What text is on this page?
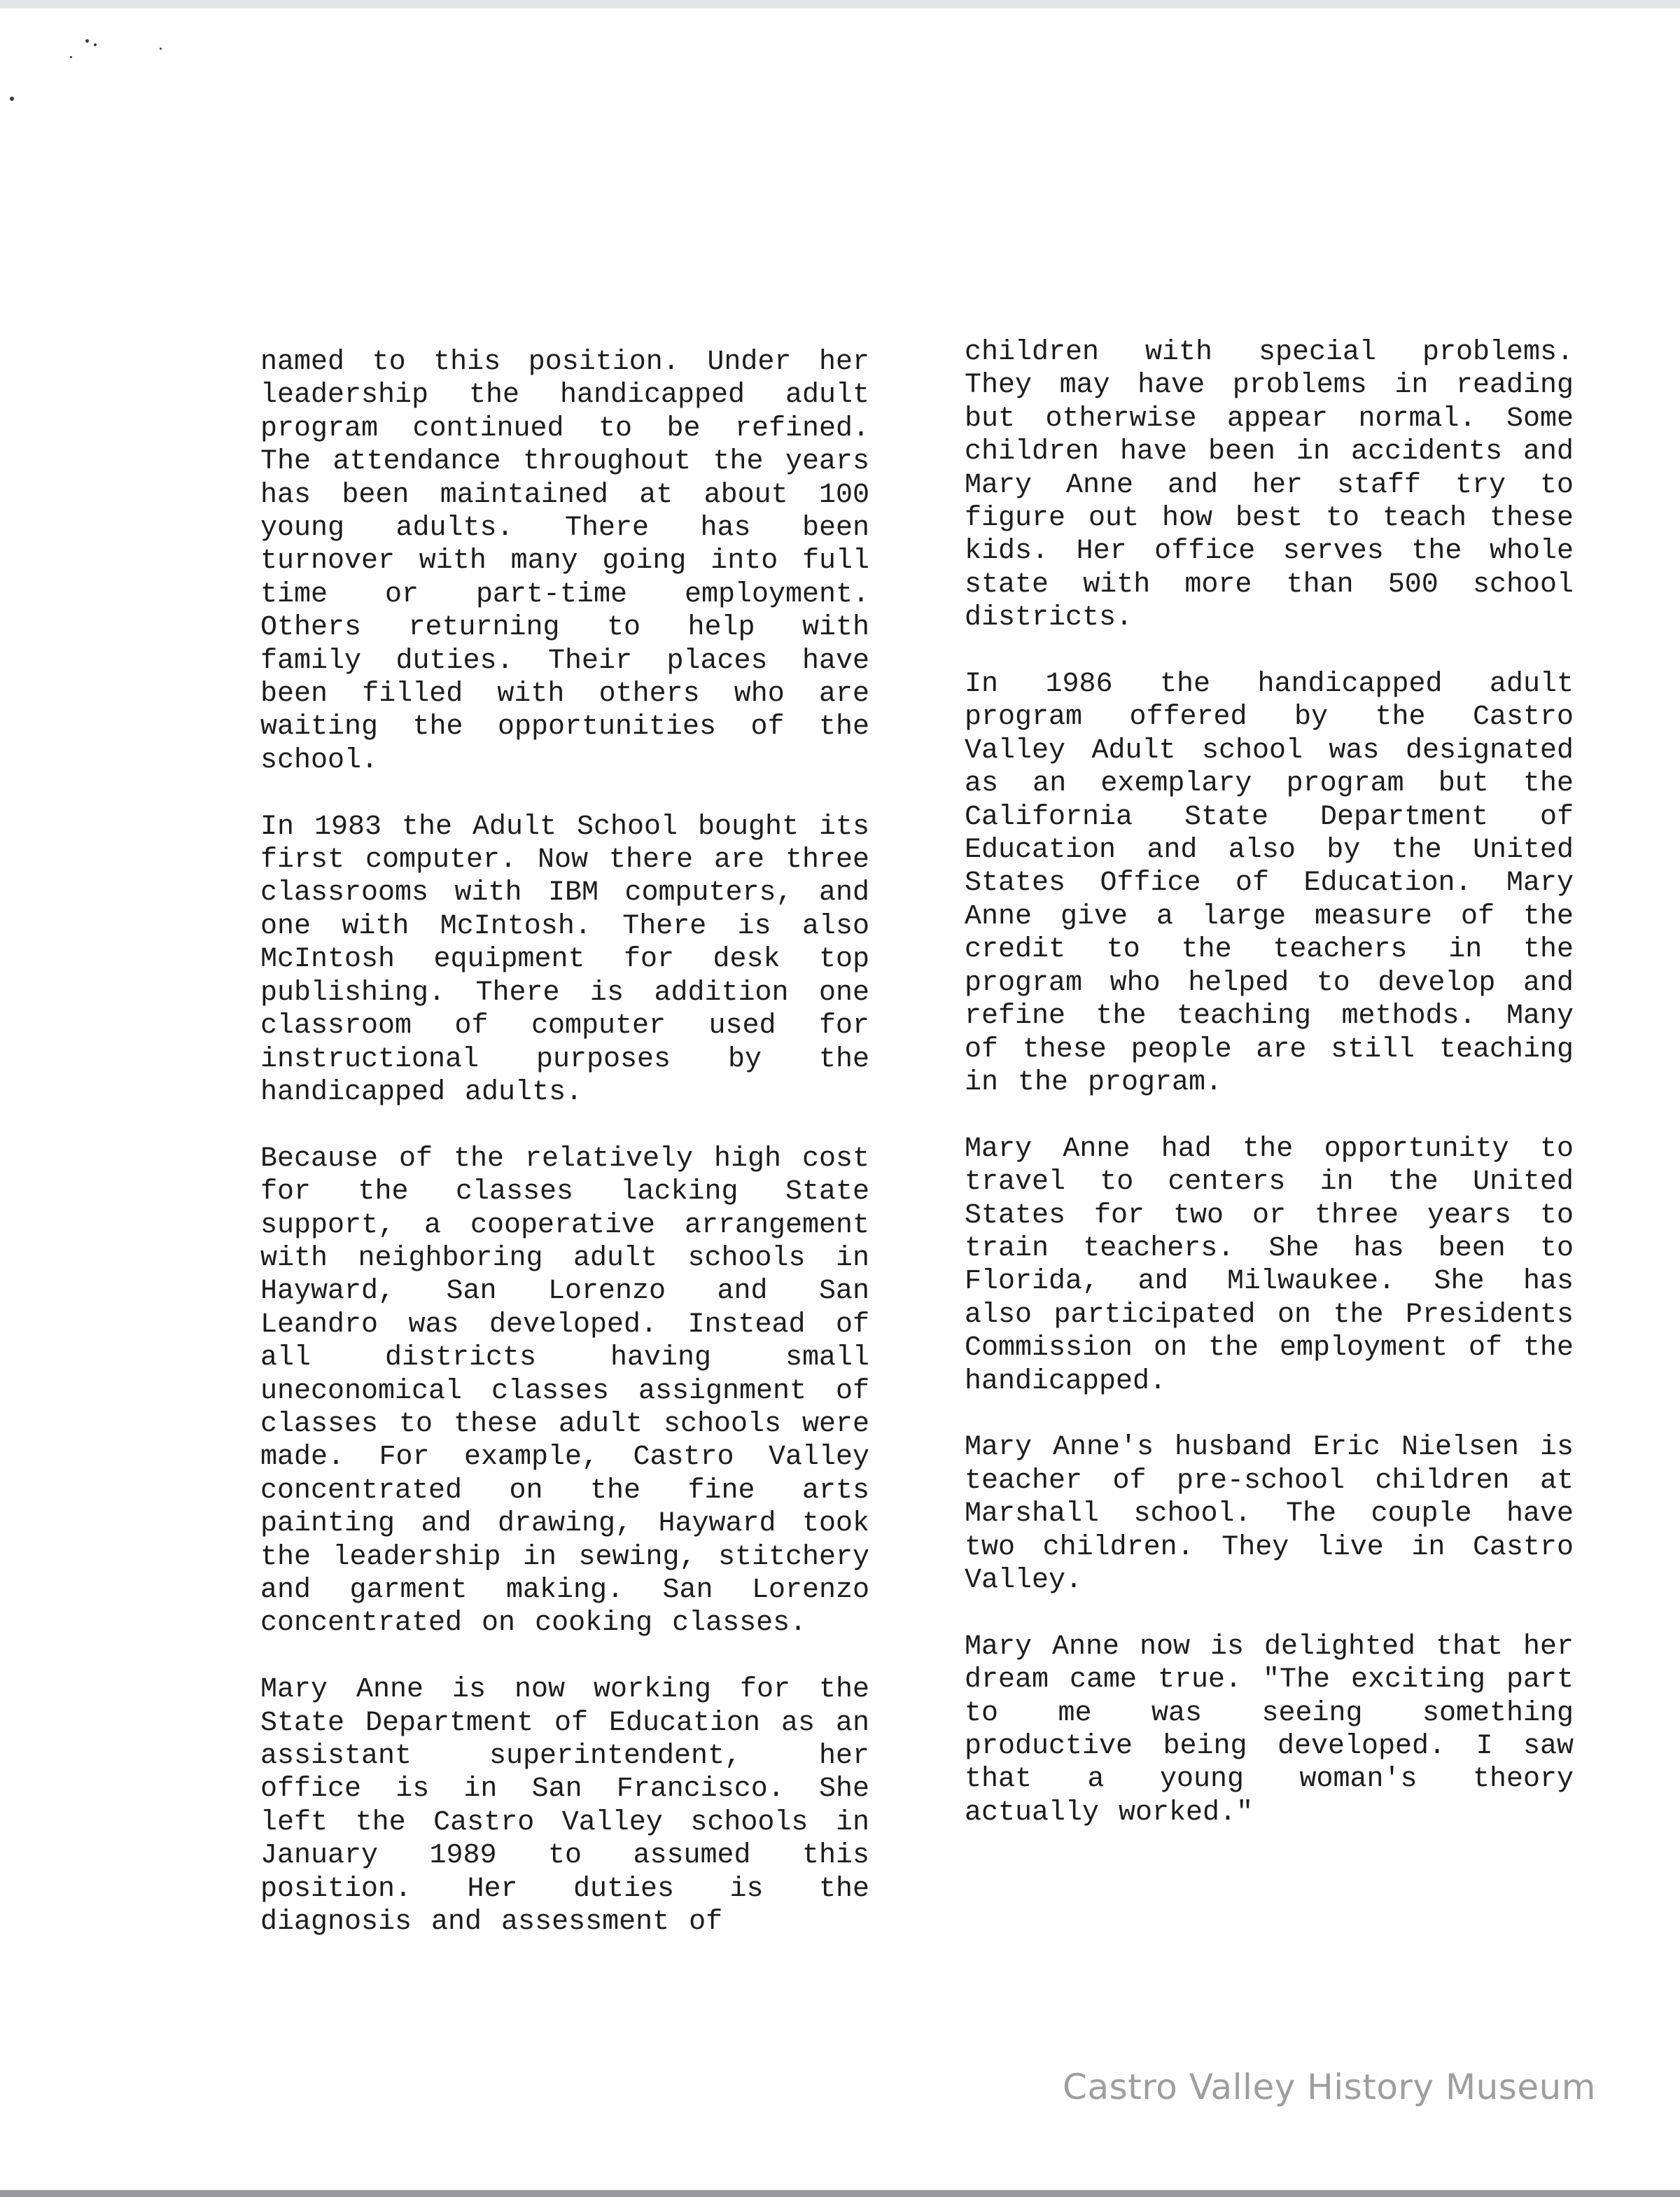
named to this position. Under her leadership the handicapped adult program continued to be refined. The attendance throughout the years has been maintained at about 100 young adults. There has been turnover with many going into full time or part-time employment. Others returning to help with family duties. Their places have been filled with others who are waiting the opportunities of the school.

In 1983 the Adult School bought its first computer. Now there are three classrooms with IBM computers, and one with McIntosh. There is also McIntosh equipment for desk top publishing. There is addition one classroom of computer used for instructional purposes by the handicapped adults.

Because of the relatively high cost for the classes lacking State support, a cooperative arrangement with neighboring adult schools in Hayward, San Lorenzo and San Leandro was developed. Instead of all districts having small uneconomical classes assignment of classes to these adult schools were made. For example, Castro Valley concentrated on the fine arts painting and drawing, Hayward took the leadership in sewing, stitchery and garment making. San Lorenzo concentrated on cooking classes.

Mary Anne is now working for the State Department of Education as an assistant superintendent, her office is in San Francisco. She left the Castro Valley schools in January 1989 to assumed this position. Her duties is the diagnosis and assessment of

children with special problems. They may have problems in reading but otherwise appear normal. Some children have been in accidents and Mary Anne and her staff try to figure out how best to teach these kids. Her office serves the whole state with more than 500 school districts.

In 1986 the handicapped adult program offered by the Castro Valley Adult school was designated as an exemplary program but the California State Department of Education and also by the United States Office of Education. Mary Anne give a large measure of the credit to the teachers in the program who helped to develop and refine the teaching methods. Many of these people are still teaching in the program.

Mary Anne had the opportunity to travel to centers in the United States for two or three years to train teachers. She has been to Florida, and Milwaukee. She has also participated on the Presidents Commission on the employment of the handicapped.

Mary Anne's husband Eric Nielsen is teacher of pre-school children at Marshall school. The couple have two children. They live in Castro Valley.

Mary Anne now is delighted that her dream came true. "The exciting part to me was seeing something productive being developed. I saw that a young woman's theory actually worked."

Castro Valley History Museum
